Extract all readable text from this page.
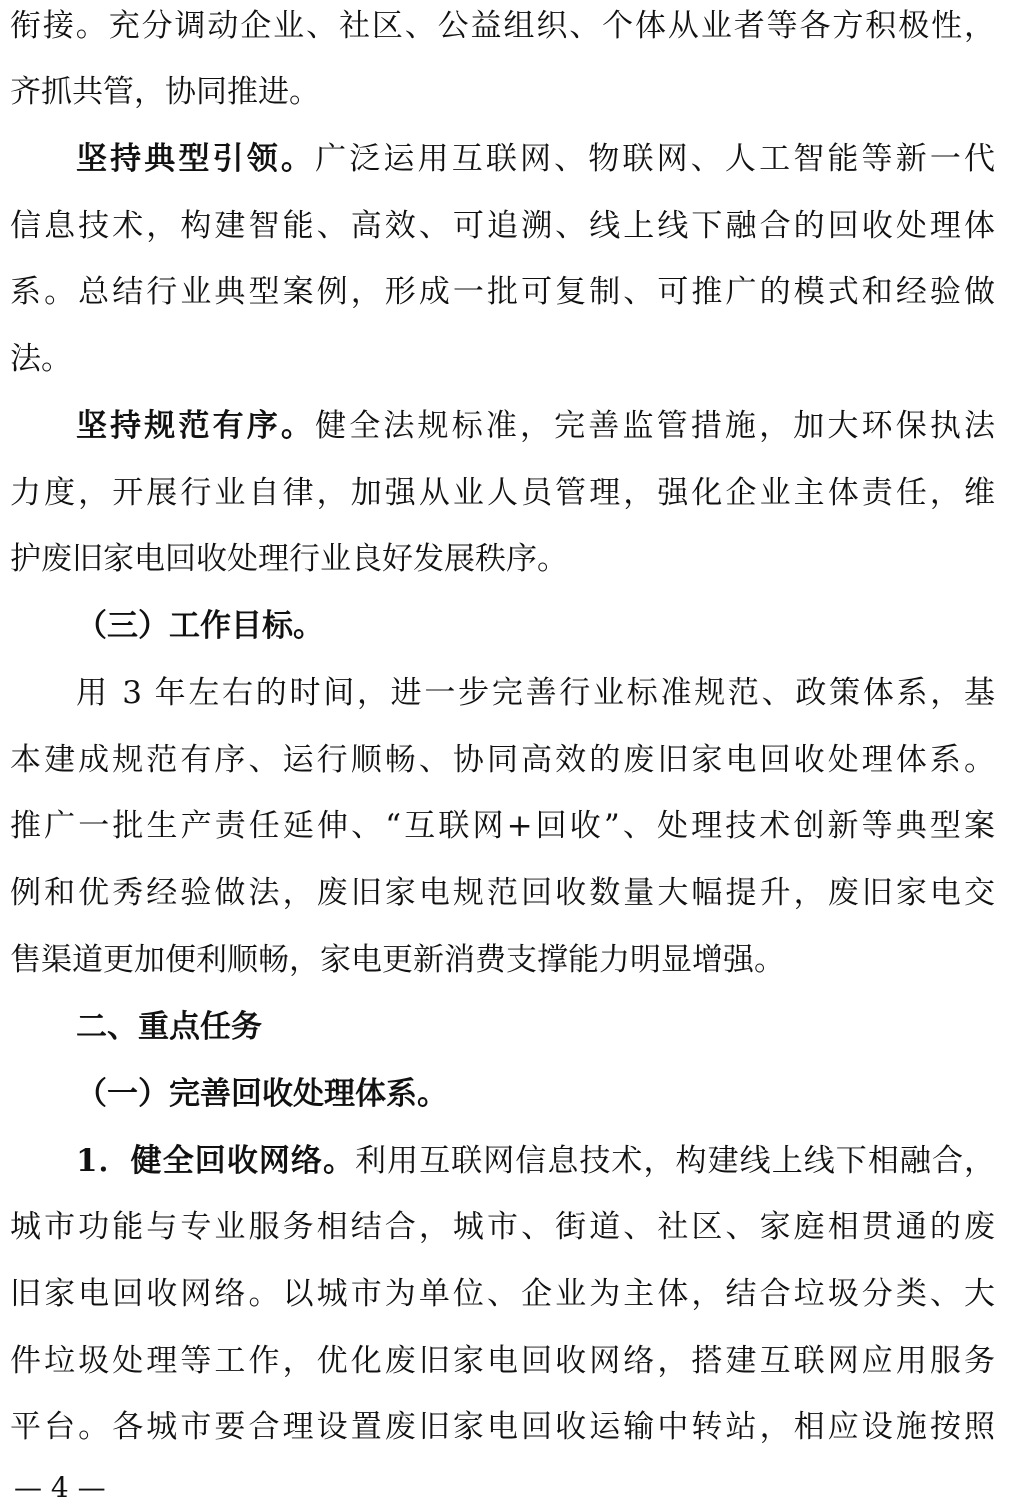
衔接。充分调动企业、社区、公益组织、个体从业者等各方积极性，
齐抓共管，协同推进。
坚持典型引领。广泛运用互联网、物联网、人工智能等新一代
信息技术，构建智能、高效、可追溯、线上线下融合的回收处理体
系。总结行业典型案例，形成一批可复制、可推广的模式和经验做
法。
坚持规范有序。健全法规标准，完善监管措施，加大环保执法
力度，开展行业自律，加强从业人员管理，强化企业主体责任，维
护废旧家电回收处理行业良好发展秩序。
（三）工作目标。
用 3 年左右的时间，进一步完善行业标准规范、政策体系，基
本建成规范有序、运行顺畅、协同高效的废旧家电回收处理体系。
推广一批生产责任延伸、“互联网+回收”、处理技术创新等典型案
例和优秀经验做法，废旧家电规范回收数量大幅提升，废旧家电交
售渠道更加便利顺畅，家电更新消费支撑能力明显增强。
二、重点任务
（一）完善回收处理体系。
1．健全回收网络。利用互联网信息技术，构建线上线下相融合，
城市功能与专业服务相结合，城市、街道、社区、家庭相贯通的废
旧家电回收网络。以城市为单位、企业为主体，结合垃圾分类、大
件垃圾处理等工作，优化废旧家电回收网络，搭建互联网应用服务
平台。各城市要合理设置废旧家电回收运输中转站，相应设施按照
— 4 —
